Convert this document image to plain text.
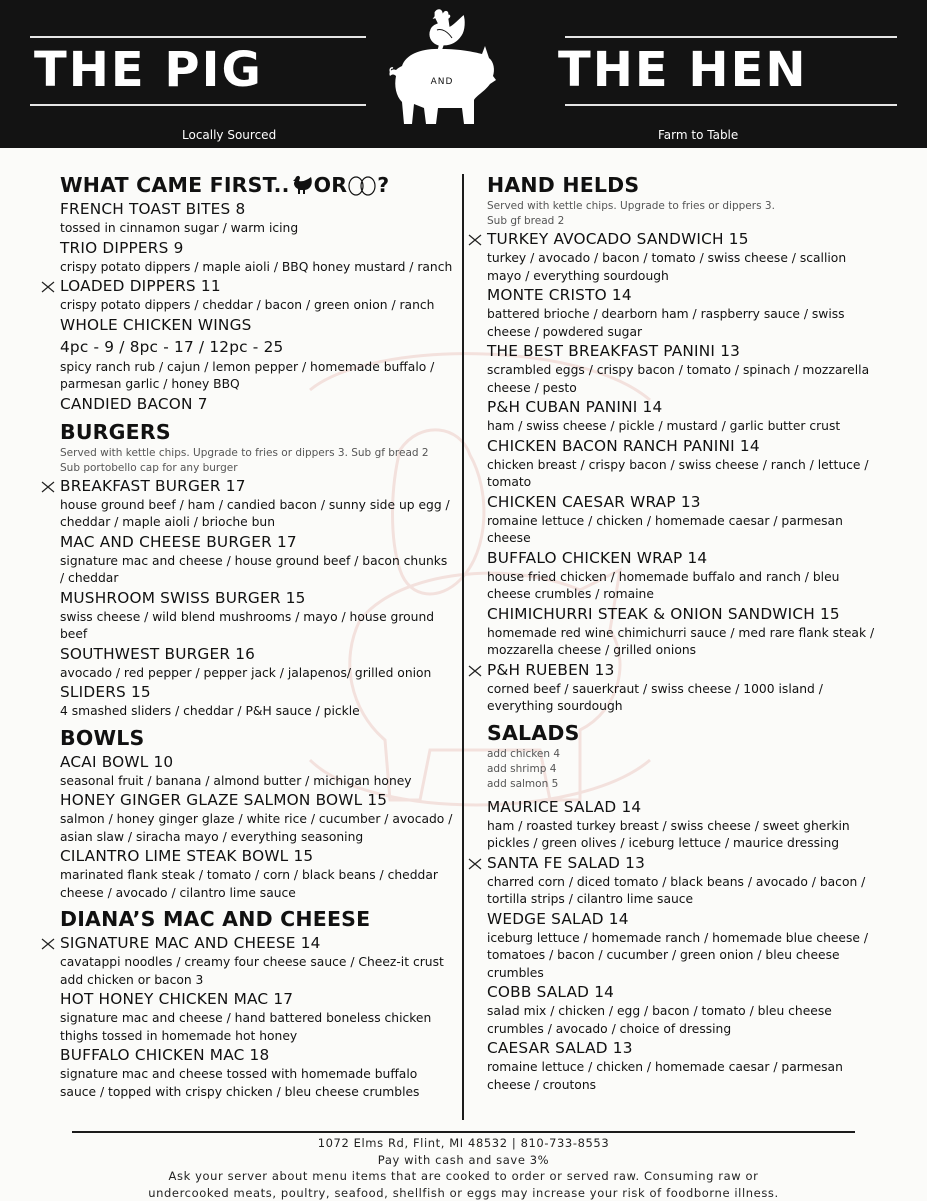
THE PIG	AND THE HEN
Locally Sourced	Farm to Table
WHAT CAME FIRST.. OR ?
FRENCH TOAST BITES 8
tossed in cinnamon sugar / warm icing
TRIO DIPPERS 9
crispy potato dippers / maple aioli / BBQ honey mustard / ranch
LOADED DIPPERS 11
crispy potato dippers / cheddar / bacon / green onion / ranch
WHOLE CHICKEN WINGS
4pc - 9 / 8pc - 17 / 12pc - 25
spicy ranch rub / cajun / lemon pepper / homemade buffalo / parmesan garlic / honey BBQ
CANDIED BACON 7
BURGERS
Served with kettle chips. Upgrade to fries or dippers 3. Sub gf bread 2
Sub portobello cap for any burger
BREAKFAST BURGER 17
house ground beef / ham / candied bacon / sunny side up egg / cheddar / maple aioli / brioche bun
MAC AND CHEESE BURGER 17
signature mac and cheese / house ground beef / bacon chunks / cheddar
MUSHROOM SWISS BURGER 15
swiss cheese / wild blend mushrooms / mayo / house ground beef
SOUTHWEST BURGER 16
avocado / red pepper / pepper jack / jalapenos/ grilled onion
SLIDERS 15
4 smashed sliders / cheddar / P&H sauce / pickle
BOWLS
ACAI BOWL 10
seasonal fruit / banana / almond butter / michigan honey
HONEY GINGER GLAZE SALMON BOWL 15
salmon / honey ginger glaze / white rice / cucumber / avocado / asian slaw / siracha mayo / everything seasoning
CILANTRO LIME STEAK BOWL 15
marinated flank steak / tomato / corn / black beans / cheddar cheese / avocado / cilantro lime sauce
DIANA’S MAC AND CHEESE
SIGNATURE MAC AND CHEESE 14
cavatappi noodles / creamy four cheese sauce / Cheez-it crust
add chicken or bacon 3
HOT HONEY CHICKEN MAC 17
signature mac and cheese / hand battered boneless chicken thighs tossed in homemade hot honey
BUFFALO CHICKEN MAC 18
signature mac and cheese tossed with homemade buffalo sauce / topped with crispy chicken / bleu cheese crumbles
HAND HELDS
Served with kettle chips. Upgrade to fries or dippers 3.
Sub gf bread 2
TURKEY AVOCADO SANDWICH 15
turkey / avocado / bacon / tomato / swiss cheese / scallion mayo / everything sourdough
MONTE CRISTO 14
battered brioche / dearborn ham / raspberry sauce / swiss cheese / powdered sugar
THE BEST BREAKFAST PANINI 13
scrambled eggs / crispy bacon / tomato / spinach / mozzarella cheese / pesto
P&H CUBAN PANINI 14
ham / swiss cheese / pickle / mustard / garlic butter crust
CHICKEN BACON RANCH PANINI 14
chicken breast / crispy bacon / swiss cheese / ranch / lettuce / tomato
CHICKEN CAESAR WRAP 13
romaine lettuce / chicken / homemade caesar / parmesan cheese
BUFFALO CHICKEN WRAP 14
house fried chicken / homemade buffalo and ranch / bleu cheese crumbles / romaine
CHIMICHURRI STEAK & ONION SANDWICH 15
homemade red wine chimichurri sauce / med rare flank steak / mozzarella cheese / grilled onions
P&H RUEBEN 13
corned beef / sauerkraut / swiss cheese / 1000 island / everything sourdough
SALADS
add chicken 4
add shrimp 4
add salmon 5
MAURICE SALAD 14
ham / roasted turkey breast / swiss cheese / sweet gherkin pickles / green olives / iceburg lettuce / maurice dressing
SANTA FE SALAD 13
charred corn / diced tomato / black beans / avocado / bacon / tortilla strips / cilantro lime sauce
WEDGE SALAD 14
iceburg lettuce / homemade ranch / homemade blue cheese / tomatoes / bacon / cucumber / green onion / bleu cheese crumbles
COBB SALAD 14
salad mix / chicken / egg / bacon / tomato / bleu cheese crumbles / avocado / choice of dressing
CAESAR SALAD 13
romaine lettuce / chicken / homemade caesar / parmesan cheese / croutons
1072 Elms Rd, Flint, MI 48532 | 810-733-8553
Pay with cash and save 3%
Ask your server about menu items that are cooked to order or served raw. Consuming raw or undercooked meats, poultry, seafood, shellfish or eggs may increase your risk of foodborne illness.
